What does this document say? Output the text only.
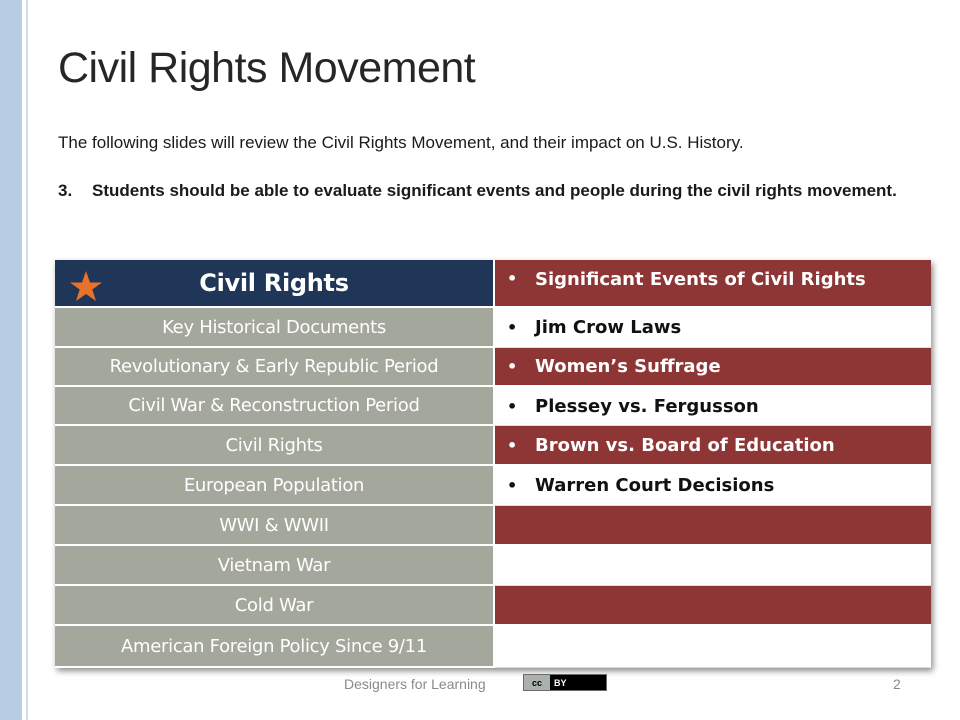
Civil Rights Movement
The following slides will review the Civil Rights Movement, and their impact on U.S. History.
3.	Students should be able to evaluate significant events and people during the civil rights movement.
Civil Rights	• Significant Events of Civil Rights
Key Historical Documents	• Jim Crow Laws
Revolutionary & Early Republic Period	• Women’s Suffrage
Civil War & Reconstruction Period	• Plessey vs. Fergusson
Civil Rights	• Brown vs. Board of Education
European Population	• Warren Court Decisions
WWI & WWII
Vietnam War
Cold War
American Foreign Policy Since 9/11
Designers for Learning	cc	BY	2
